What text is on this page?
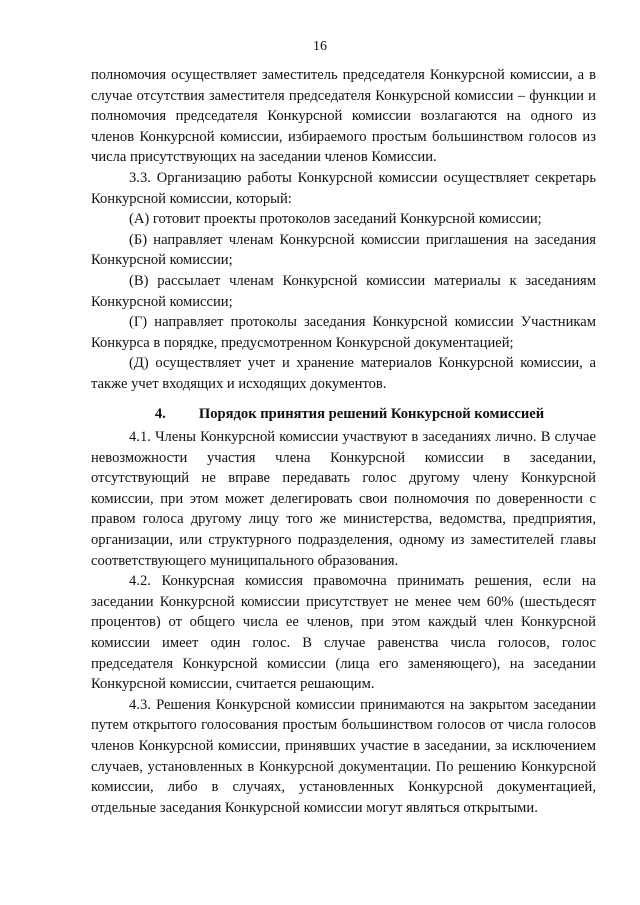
16

полномочия осуществляет заместитель председателя Конкурсной комиссии, а в случае отсутствия заместителя председателя Конкурсной комиссии – функции и полномочия председателя Конкурсной комиссии возлагаются на одного из членов Конкурсной комиссии, избираемого простым большинством голосов из числа присутствующих на заседании членов Комиссии.

3.3. Организацию работы Конкурсной комиссии осуществляет секретарь Конкурсной комиссии, который:

(А) готовит проекты протоколов заседаний Конкурсной комиссии;

(Б) направляет членам Конкурсной комиссии приглашения на заседания Конкурсной комиссии;

(В) рассылает членам Конкурсной комиссии материалы к заседаниям Конкурсной комиссии;

(Г) направляет протоколы заседания Конкурсной комиссии Участникам Конкурса в порядке, предусмотренном Конкурсной документацией;

(Д) осуществляет учет и хранение материалов Конкурсной комиссии, а также учет входящих и исходящих документов.

4. Порядок принятия решений Конкурсной комиссией

4.1. Члены Конкурсной комиссии участвуют в заседаниях лично. В случае невозможности участия члена Конкурсной комиссии в заседании, отсутствующий не вправе передавать голос другому члену Конкурсной комиссии, при этом может делегировать свои полномочия по доверенности с правом голоса другому лицу того же министерства, ведомства, предприятия, организации, или структурного подразделения, одному из заместителей главы соответствующего муниципального образования.

4.2. Конкурсная комиссия правомочна принимать решения, если на заседании Конкурсной комиссии присутствует не менее чем 60% (шестьдесят процентов) от общего числа ее членов, при этом каждый член Конкурсной комиссии имеет один голос. В случае равенства числа голосов, голос председателя Конкурсной комиссии (лица его заменяющего), на заседании Конкурсной комиссии, считается решающим.

4.3. Решения Конкурсной комиссии принимаются на закрытом заседании путем открытого голосования простым большинством голосов от числа голосов членов Конкурсной комиссии, принявших участие в заседании, за исключением случаев, установленных в Конкурсной документации. По решению Конкурсной комиссии, либо в случаях, установленных Конкурсной документацией, отдельные заседания Конкурсной комиссии могут являться открытыми.
